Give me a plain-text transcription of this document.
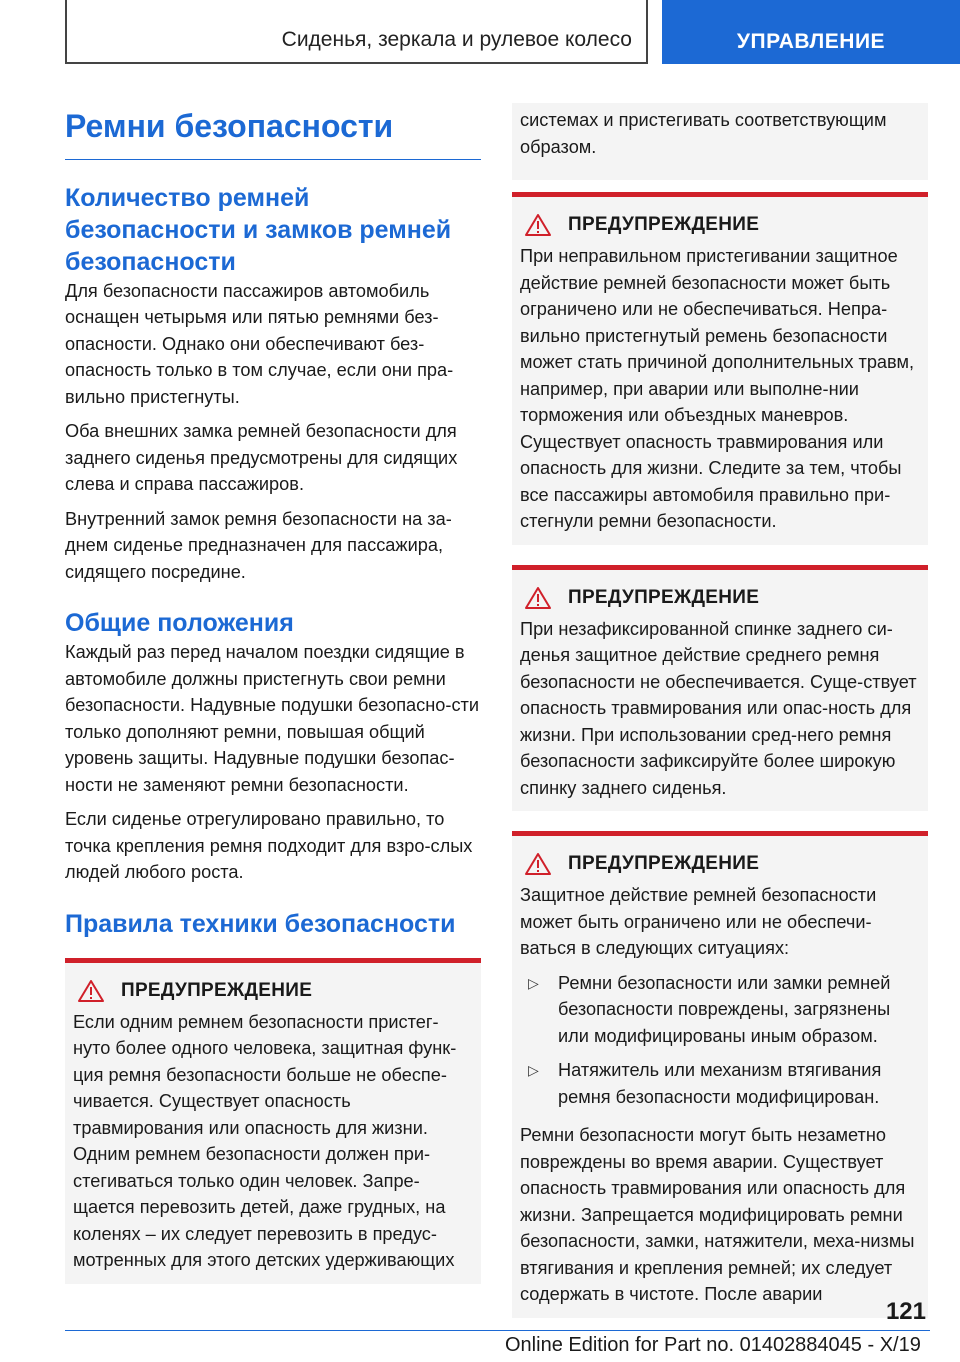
Сиденья, зеркала и рулевое колесо	УПРАВЛЕНИЕ
Ремни безопасности
Количество ремней безопасности и замков ремней безопасности

Для безопасности пассажиров автомобиль оснащен четырьмя или пятью ремнями без-опасности. Однако они обеспечивают без-опасность только в том случае, если они пра-вильно пристегнуты.

Оба внешних замка ремней безопасности для заднего сиденья предусмотрены для сидящих слева и справа пассажиров.

Внутренний замок ремня безопасности на за-днем сиденье предназначен для пассажира, сидящего посредине.

Общие положения

Каждый раз перед началом поездки сидящие в автомобиле должны пристегнуть свои ремни безопасности. Надувные подушки безопасно-сти только дополняют ремни, повышая общий уровень защиты. Надувные подушки безопас-ности не заменяют ремни безопасности.

Если сиденье отрегулировано правильно, то точка крепления ремня подходит для взро-слых людей любого роста.

Правила техники безопасности
ПРЕДУПРЕЖДЕНИЕ

Если одним ремнем безопасности пристег-нуто более одного человека, защитная функ-ция ремня безопасности больше не обеспе-чивается. Существует опасность травмирования или опасность для жизни. Одним ремнем безопасности должен при-стегиваться только один человек. Запре-щается перевозить детей, даже грудных, на коленях – их следует перевозить в предус-мотренных для этого детских удерживающих

системах и пристегивать соответствующим образом.

ПРЕДУПРЕЖДЕНИЕ

При неправильном пристегивании защитное действие ремней безопасности может быть ограничено или не обеспечиваться. Непра-вильно пристегнутый ремень безопасности может стать причиной дополнительных травм, например, при аварии или выполне-нии торможения или объездных маневров. Существует опасность травмирования или опасность для жизни. Следите за тем, чтобы все пассажиры автомобиля правильно при-стегнули ремни безопасности.

ПРЕДУПРЕЖДЕНИЕ

При незафиксированной спинке заднего си-денья защитное действие среднего ремня безопасности не обеспечивается. Суще-ствует опасность травмирования или опас-ность для жизни. При использовании сред-него ремня безопасности зафиксируйте более широкую спинку заднего сиденья.

ПРЕДУПРЕЖДЕНИЕ

Защитное действие ремней безопасности может быть ограничено или не обеспечи-ваться в следующих ситуациях:

▷	Ремни безопасности или замки ремней безопасности повреждены, загрязнены или модифицированы иным образом.

▷	Натяжитель или механизм втягивания ремня безопасности модифицирован.

Ремни безопасности могут быть незаметно повреждены во время аварии. Существует опасность травмирования или опасность для жизни. Запрещается модифицировать ремни безопасности, замки, натяжители, меха-низмы втягивания и крепления ремней; их следует содержать в чистоте. После аварии

121
Online Edition for Part no. 01402884045 - X/19
